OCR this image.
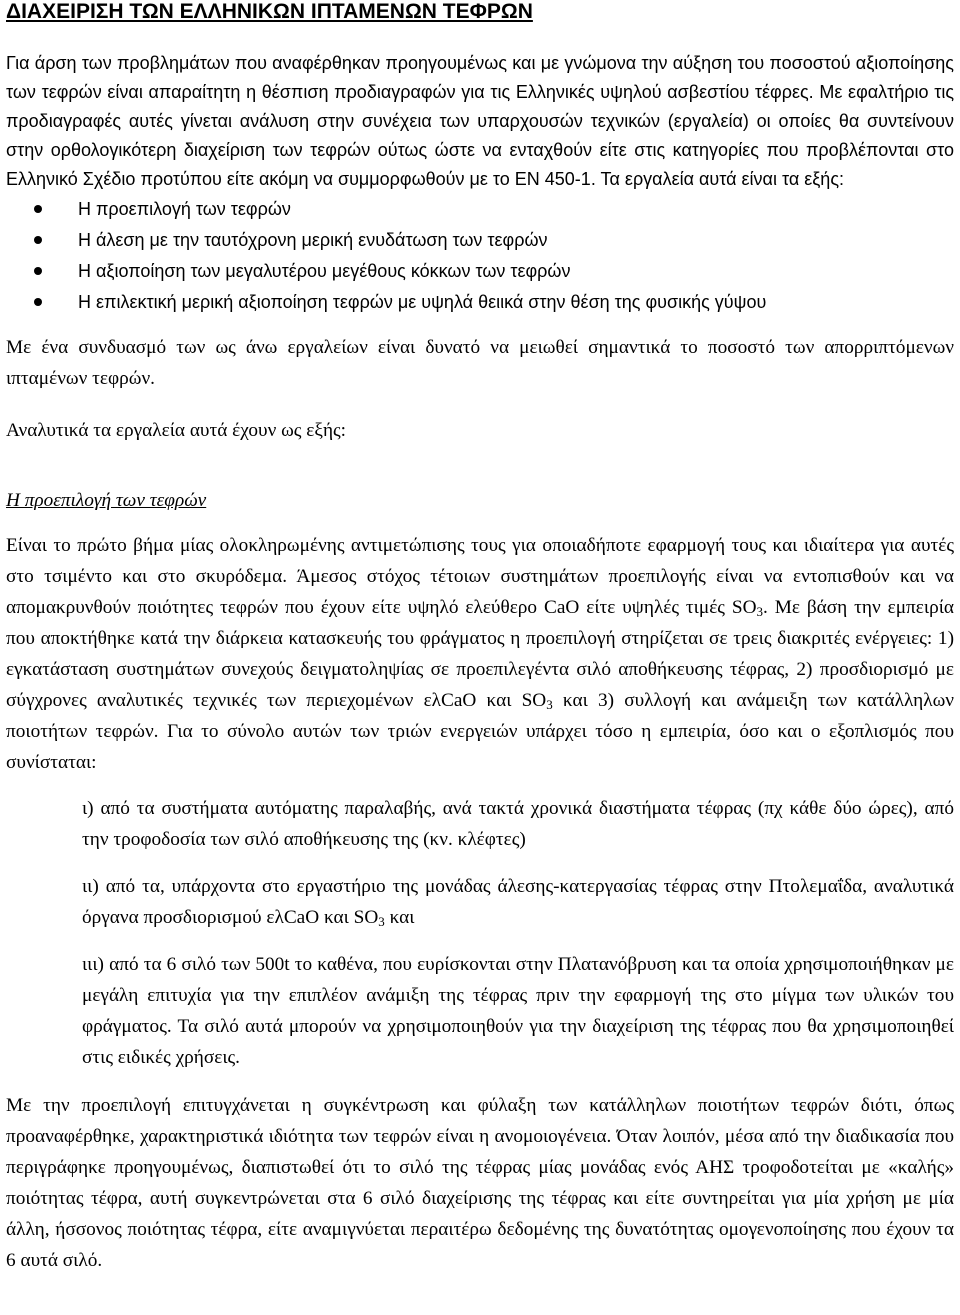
ΔΙΑΧΕΙΡΙΣΗ ΤΩΝ ΕΛΛΗΝΙΚΩΝ ΙΠΤΑΜΕΝΩΝ ΤΕΦΡΩΝ

Για άρση των προβλημάτων που αναφέρθηκαν προηγουμένως και με γνώμονα την αύξηση του ποσοστού αξιοποίησης των τεφρών είναι απαραίτητη η θέσπιση προδιαγραφών για τις Ελληνικές υψηλού ασβεστίου τέφρες. Με εφαλτήριο τις προδιαγραφές αυτές γίνεται ανάλυση στην συνέχεια των υπαρχουσών τεχνικών (εργαλεία) οι οποίες θα συντείνουν στην ορθολογικότερη διαχείριση των τεφρών ούτως ώστε να ενταχθούν είτε στις κατηγορίες που προβλέπονται στο Ελληνικό Σχέδιο προτύπου είτε ακόμη να συμμορφωθούν με το ΕΝ 450-1. Τα εργαλεία αυτά είναι τα εξής:

Η προεπιλογή των τεφρών
Η άλεση με την ταυτόχρονη μερική ενυδάτωση των τεφρών
Η αξιοποίηση των μεγαλυτέρου μεγέθους κόκκων των τεφρών
Η επιλεκτική μερική αξιοποίηση τεφρών με υψηλά θειικά στην θέση της φυσικής γύψου

Με ένα συνδυασμό των ως άνω εργαλείων είναι δυνατό να μειωθεί σημαντικά το ποσοστό των απορριπτόμενων ιπταμένων τεφρών.

Αναλυτικά τα εργαλεία αυτά έχουν ως εξής:

Η προεπιλογή των τεφρών

Είναι το πρώτο βήμα μίας ολοκληρωμένης αντιμετώπισης τους για οποιαδήποτε εφαρμογή τους και ιδιαίτερα για αυτές στο τσιμέντο και στο σκυρόδεμα. Άμεσος στόχος τέτοιων συστημάτων προεπιλογής είναι να εντοπισθούν και να απομακρυνθούν ποιότητες τεφρών που έχουν είτε υψηλό ελεύθερο CaO είτε υψηλές τιμές $SO_3$. Με βάση την εμπειρία που αποκτήθηκε κατά την διάρκεια κατασκευής του φράγματος η προεπιλογή στηρίζεται σε τρεις διακριτές ενέργειες: 1) εγκατάσταση συστημάτων συνεχούς δειγματοληψίας σε προεπιλεγέντα σιλό αποθήκευσης τέφρας, 2) προσδιορισμό με σύγχρονες αναλυτικές τεχνικές των περιεχομένων ελCaO και $SO_3$ και 3) συλλογή και ανάμειξη των κατάλληλων ποιοτήτων τεφρών. Για το σύνολο αυτών των τριών ενεργειών υπάρχει τόσο η εμπειρία, όσο και ο εξοπλισμός που συνίσταται:

ι) από τα συστήματα αυτόματης παραλαβής, ανά τακτά χρονικά διαστήματα τέφρας (πχ κάθε δύο ώρες), από την τροφοδοσία των σιλό αποθήκευσης της (κν. κλέφτες)

ιι) από τα, υπάρχοντα στο εργαστήριο της μονάδας άλεσης-κατεργασίας τέφρας στην Πτολεμαΐδα, αναλυτικά όργανα προσδιορισμού ελCaO και $SO_3$ και

ιιι) από τα 6 σιλό των 500t το καθένα, που ευρίσκονται στην Πλατανόβρυση και τα οποία χρησιμοποιήθηκαν με μεγάλη επιτυχία για την επιπλέον ανάμιξη της τέφρας πριν την εφαρμογή της στο μίγμα των υλικών του φράγματος. Τα σιλό αυτά μπορούν να χρησιμοποιηθούν για την διαχείριση της τέφρας που θα χρησιμοποιηθεί στις ειδικές χρήσεις.

Με την προεπιλογή επιτυγχάνεται η συγκέντρωση και φύλαξη των κατάλληλων ποιοτήτων τεφρών διότι, όπως προαναφέρθηκε, χαρακτηριστικά ιδιότητα των τεφρών είναι η ανομοιογένεια. Όταν λοιπόν, μέσα από την διαδικασία που περιγράφηκε προηγουμένως, διαπιστωθεί ότι το σιλό της τέφρας μίας μονάδας ενός ΑΗΣ τροφοδοτείται με «καλής» ποιότητας τέφρα, αυτή συγκεντρώνεται στα 6 σιλό διαχείρισης της τέφρας και είτε συντηρείται για μία χρήση με μία άλλη, ήσσονος ποιότητας τέφρα, είτε αναμιγνύεται περαιτέρω δεδομένης της δυνατότητας ομογενοποίησης που έχουν τα 6 αυτά σιλό.
